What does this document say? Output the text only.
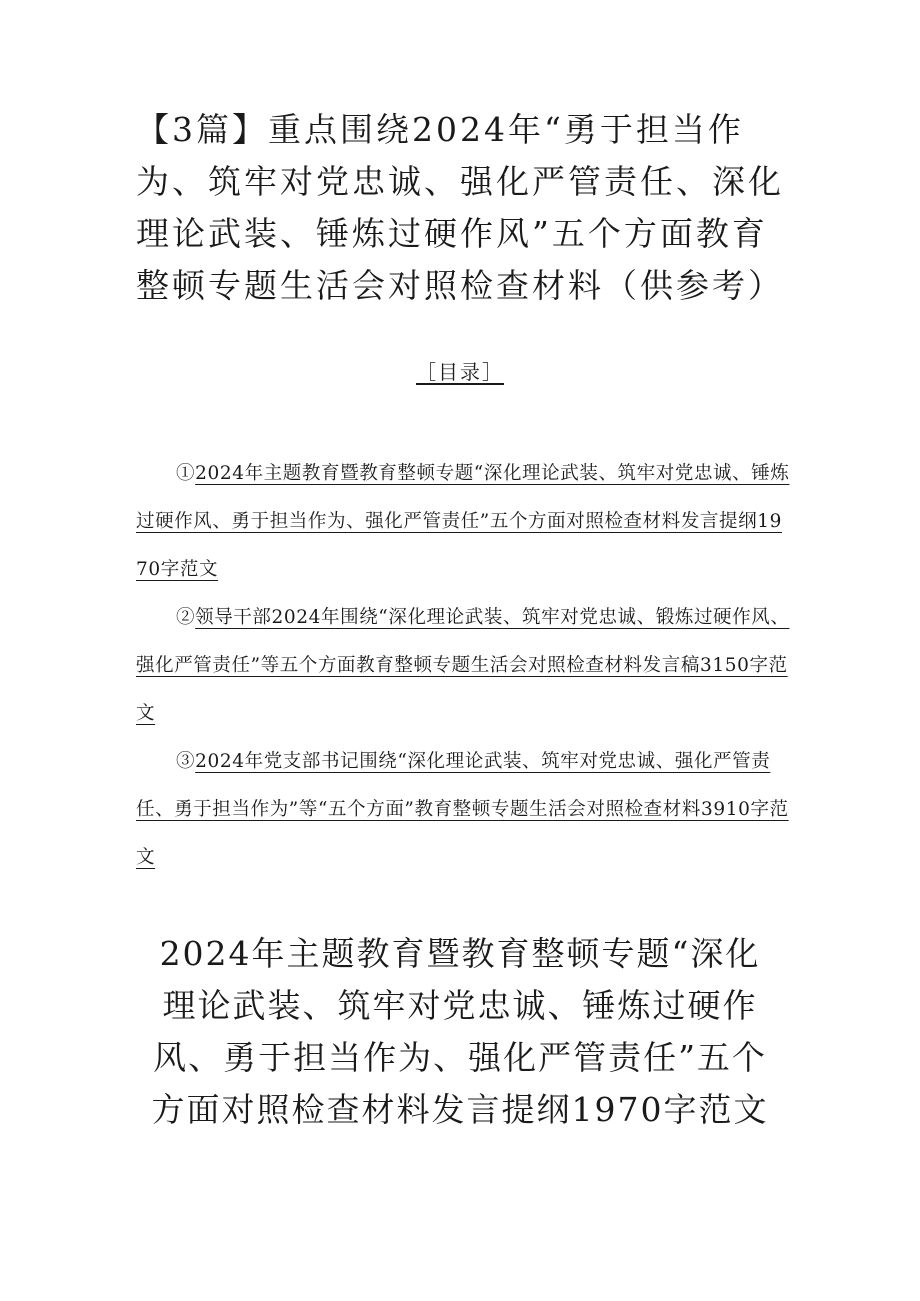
【3篇】重点围绕2024年“勇于担当作为、筑牢对党忠诚、强化严管责任、深化理论武装、锤炼过硬作风”五个方面教育整顿专题生活会对照检查材料（供参考）
［目录］
①2024年主题教育暨教育整顿专题“深化理论武装、筑牢对党忠诚、锤炼过硬作风、勇于担当作为、强化严管责任”五个方面对照检查材料发言提纲1970字范文
②领导干部2024年围绕“深化理论武装、筑牢对党忠诚、锻炼过硬作风、强化严管责任”等五个方面教育整顿专题生活会对照检查材料发言稿3150字范文
③2024年党支部书记围绕“深化理论武装、筑牢对党忠诚、强化严管责任、勇于担当作为”等“五个方面”教育整顿专题生活会对照检查材料3910字范文
2024年主题教育暨教育整顿专题“深化理论武装、筑牢对党忠诚、锤炼过硬作风、勇于担当作为、强化严管责任”五个方面对照检查材料发言提纲1970字范文
